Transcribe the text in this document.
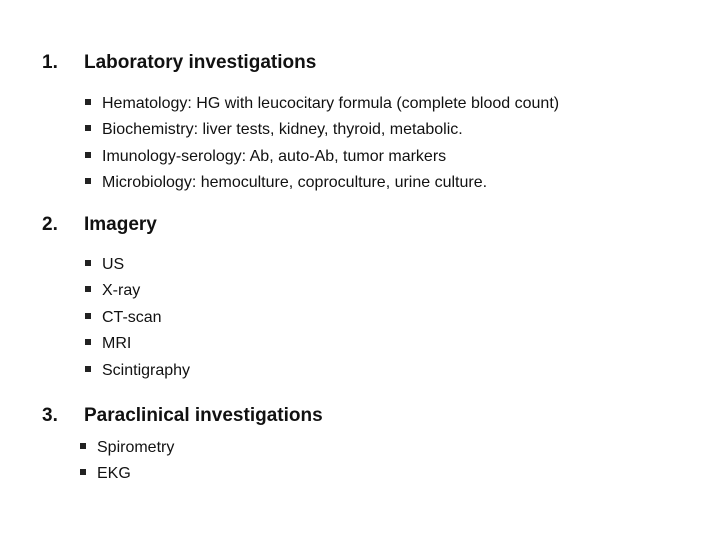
1.	Laboratory investigations
Hematology: HG with leucocitary formula (complete blood count)
Biochemistry: liver tests, kidney, thyroid, metabolic.
Imunology-serology: Ab, auto-Ab, tumor markers
Microbiology: hemoculture, coproculture, urine culture.
2.	Imagery
US
X-ray
CT-scan
MRI
Scintigraphy
3.	Paraclinical investigations
Spirometry
EKG
